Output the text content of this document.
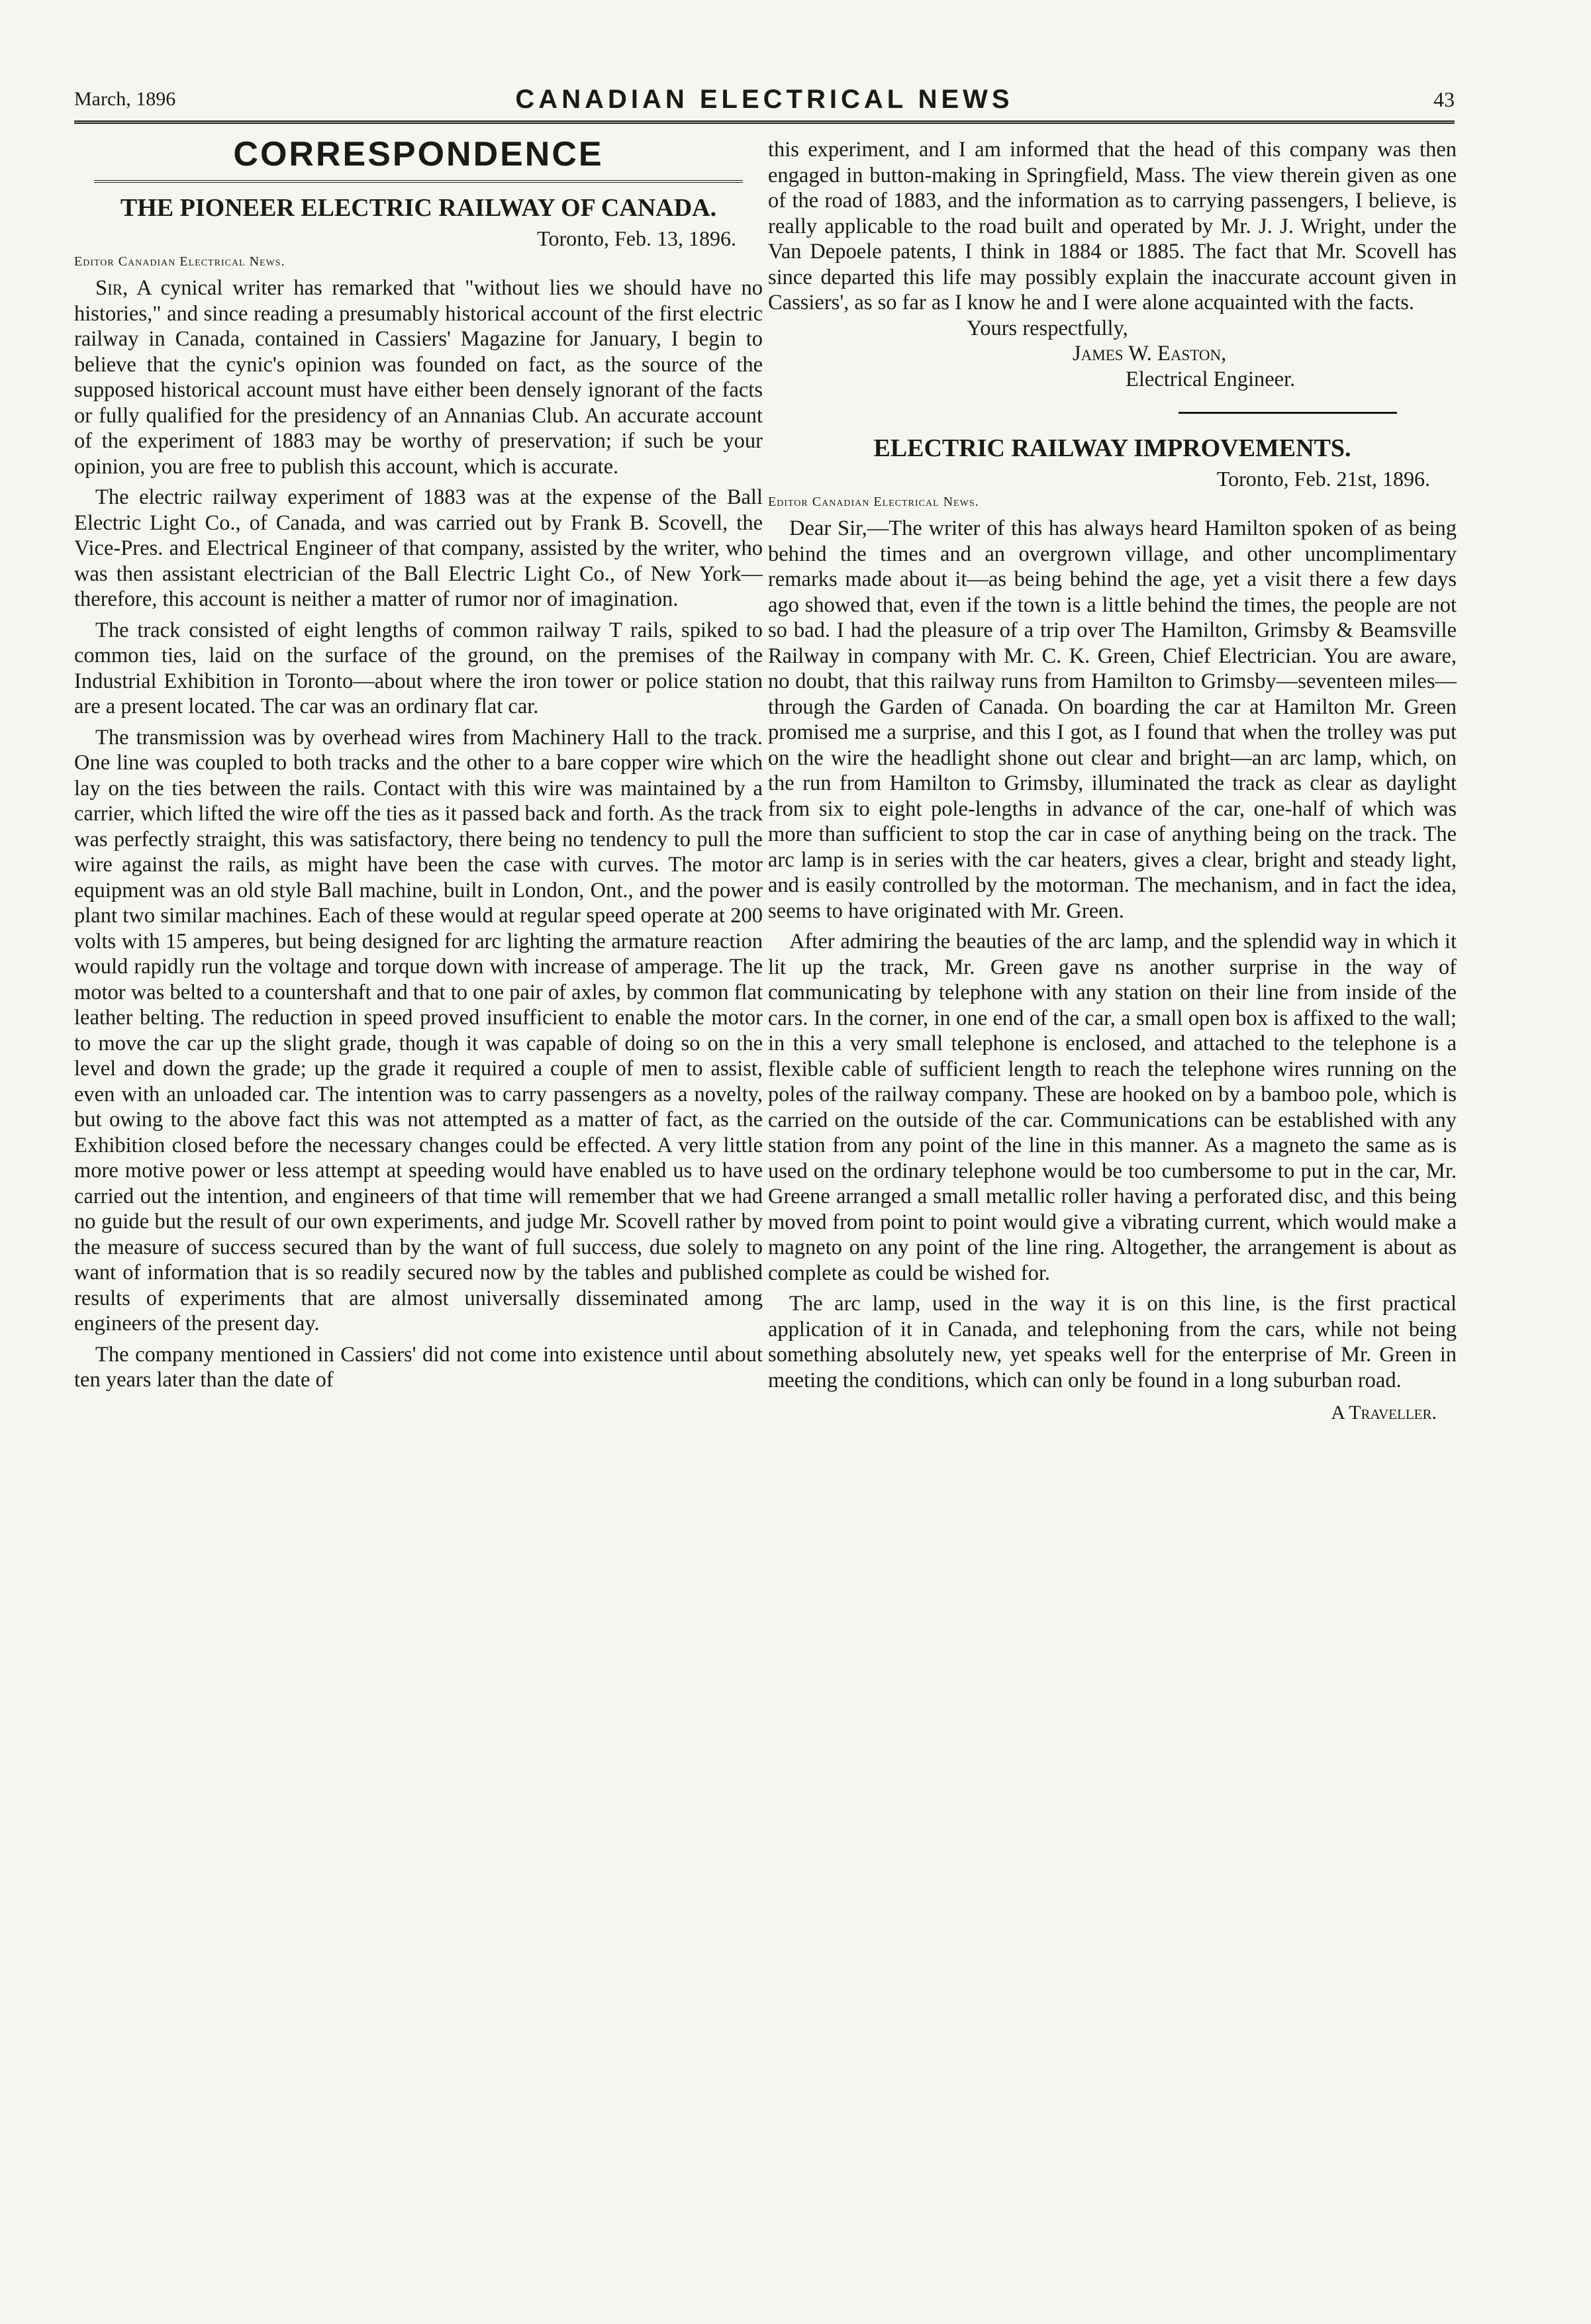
March, 1896	CANADIAN ELECTRICAL NEWS	43
CORRESPONDENCE
THE PIONEER ELECTRIC RAILWAY OF CANADA.
Toronto, Feb. 13, 1896.
Editor Canadian Electrical News.

Sir, A cynical writer has remarked that "without lies we should have no histories," and since reading a presumably historical account of the first electric railway in Canada, contained in Cassiers' Magazine for January, I begin to believe that the cynic's opinion was founded on fact, as the source of the supposed historical account must have either been densely ignorant of the facts or fully qualified for the presidency of an Annanias Club. An accurate account of the experiment of 1883 may be worthy of preservation; if such be your opinion, you are free to publish this account, which is accurate.

The electric railway experiment of 1883 was at the expense of the Ball Electric Light Co., of Canada, and was carried out by Frank B. Scovell, the Vice-Pres. and Electrical Engineer of that company, assisted by the writer, who was then assistant electrician of the Ball Electric Light Co., of New York—therefore, this account is neither a matter of rumor nor of imagination.

The track consisted of eight lengths of common railway T rails, spiked to common ties, laid on the surface of the ground, on the premises of the Industrial Exhibition in Toronto—about where the iron tower or police station are a present located. The car was an ordinary flat car.

The transmission was by overhead wires from Machinery Hall to the track. One line was coupled to both tracks and the other to a bare copper wire which lay on the ties between the rails. Contact with this wire was maintained by a carrier, which lifted the wire off the ties as it passed back and forth. As the track was perfectly straight, this was satisfactory, there being no tendency to pull the wire against the rails, as might have been the case with curves. The motor equipment was an old style Ball machine, built in London, Ont., and the power plant two similar machines. Each of these would at regular speed operate at 200 volts with 15 amperes, but being designed for arc lighting the armature reaction would rapidly run the voltage and torque down with increase of amperage. The motor was belted to a countershaft and that to one pair of axles, by common flat leather belting. The reduction in speed proved insufficient to enable the motor to move the car up the slight grade, though it was capable of doing so on the level and down the grade; up the grade it required a couple of men to assist, even with an unloaded car. The intention was to carry passengers as a novelty, but owing to the above fact this was not attempted as a matter of fact, as the Exhibition closed before the necessary changes could be effected. A very little more motive power or less attempt at speeding would have enabled us to have carried out the intention, and engineers of that time will remember that we had no guide but the result of our own experiments, and judge Mr. Scovell rather by the measure of success secured than by the want of full success, due solely to want of information that is so readily secured now by the tables and published results of experiments that are almost universally disseminated among engineers of the present day.

The company mentioned in Cassiers' did not come into existence until about ten years later than the date of

this experiment, and I am informed that the head of this company was then engaged in button-making in Springfield, Mass. The view therein given as one of the road of 1883, and the information as to carrying passengers, I believe, is really applicable to the road built and operated by Mr. J. J. Wright, under the Van Depoele patents, I think in 1884 or 1885. The fact that Mr. Scovell has since departed this life may possibly explain the inaccurate account given in Cassiers', as so far as I know he and I were alone acquainted with the facts.

Yours respectfully,
James W. Easton,
Electrical Engineer.
ELECTRIC RAILWAY IMPROVEMENTS.
Toronto, Feb. 21st, 1896.
Editor Canadian Electrical News.

Dear Sir,—The writer of this has always heard Hamilton spoken of as being behind the times and an overgrown village, and other uncomplimentary remarks made about it—as being behind the age, yet a visit there a few days ago showed that, even if the town is a little behind the times, the people are not so bad. I had the pleasure of a trip over The Hamilton, Grimsby & Beamsville Railway in company with Mr. C. K. Green, Chief Electrician. You are aware, no doubt, that this railway runs from Hamilton to Grimsby—seventeen miles—through the Garden of Canada. On boarding the car at Hamilton Mr. Green promised me a surprise, and this I got, as I found that when the trolley was put on the wire the headlight shone out clear and bright—an arc lamp, which, on the run from Hamilton to Grimsby, illuminated the track as clear as daylight from six to eight pole-lengths in advance of the car, one-half of which was more than sufficient to stop the car in case of anything being on the track. The arc lamp is in series with the car heaters, gives a clear, bright and steady light, and is easily controlled by the motorman. The mechanism, and in fact the idea, seems to have originated with Mr. Green.

After admiring the beauties of the arc lamp, and the splendid way in which it lit up the track, Mr. Green gave ns another surprise in the way of communicating by telephone with any station on their line from inside of the cars. In the corner, in one end of the car, a small open box is affixed to the wall; in this a very small telephone is enclosed, and attached to the telephone is a flexible cable of sufficient length to reach the telephone wires running on the poles of the railway company. These are hooked on by a bamboo pole, which is carried on the outside of the car. Communications can be established with any station from any point of the line in this manner. As a magneto the same as is used on the ordinary telephone would be too cumbersome to put in the car, Mr. Greene arranged a small metallic roller having a perforated disc, and this being moved from point to point would give a vibrating current, which would make a magneto on any point of the line ring. Altogether, the arrangement is about as complete as could be wished for.

The arc lamp, used in the way it is on this line, is the first practical application of it in Canada, and telephoning from the cars, while not being something absolutely new, yet speaks well for the enterprise of Mr. Green in meeting the conditions, which can only be found in a long suburban road.

A Traveller.
